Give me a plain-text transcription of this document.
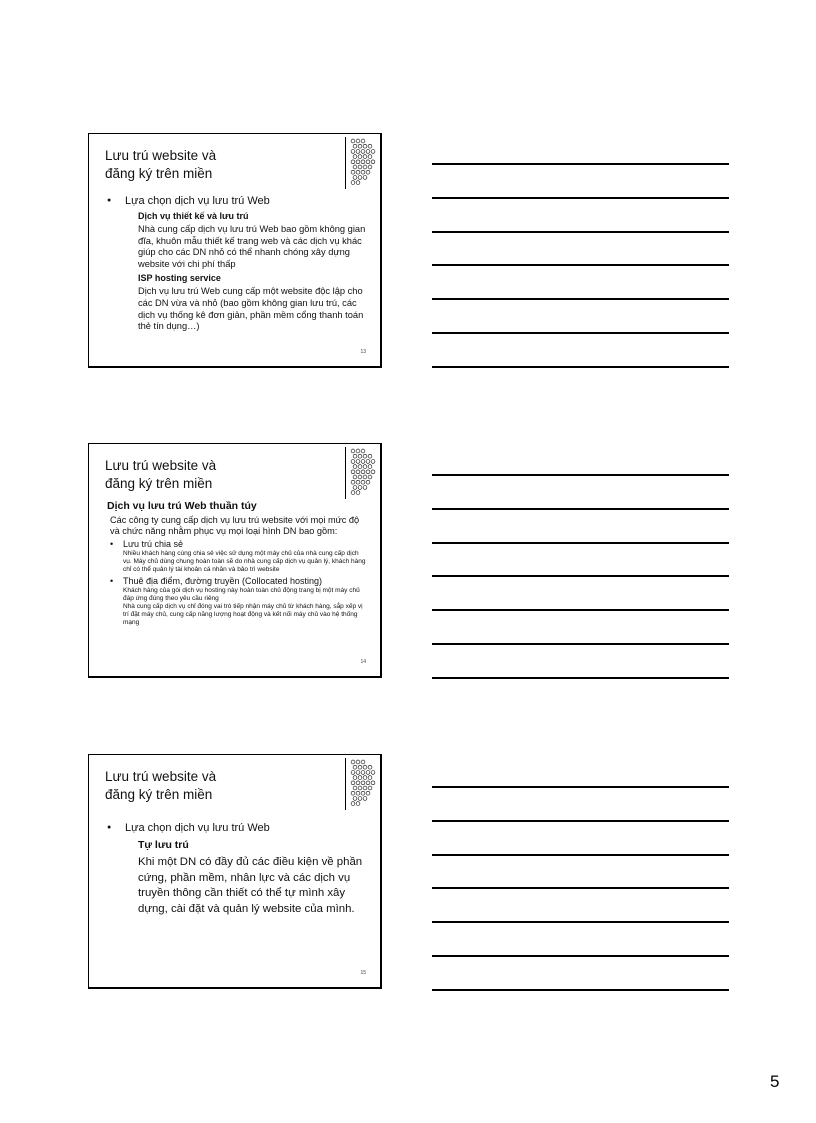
Lưu trú website và
đăng ký trên miền
● Lựa chọn dịch vụ lưu trú Web
Dịch vụ thiết kế và lưu trú
Nhà cung cấp dịch vụ lưu trú Web bao gồm không gian đĩa, khuôn mẫu thiết kế trang web và các dịch vụ khác giúp cho các DN nhỏ có thể nhanh chóng xây dựng website với chi phí thấp
ISP hosting service
Dịch vụ lưu trú Web cung cấp một website độc lập cho các DN vừa và nhỏ (bao gồm không gian lưu trú, các dịch vụ thống kê đơn giản, phần mềm cổng thanh toán thẻ tín dụng…)
13
Lưu trú website và
đăng ký trên miền
Dịch vụ lưu trú Web thuần túy
Các công ty cung cấp dịch vụ lưu trú website với mọi mức độ và chức năng nhằm phục vụ mọi loại hình DN bao gồm:
• Lưu trú chia sẻ
Nhiều khách hàng cùng chia sẻ việc sử dụng một máy chủ của nhà cung cấp dịch vụ. Máy chủ dùng chung hoàn toàn sẽ do nhà cung cấp dịch vụ quản lý, khách hàng chỉ có thể quản lý tài khoản cá nhân và bảo trì website
• Thuê địa điểm, đường truyền (Collocated hosting)
Khách hàng của gói dịch vụ hosting này hoàn toàn chủ động trang bị một máy chủ đáp ứng đúng theo yêu cầu riêng
Nhà cung cấp dịch vụ chỉ đóng vai trò tiếp nhận máy chủ từ khách hàng, sắp xếp vị trí đặt máy chủ, cung cấp năng lượng hoạt động và kết nối máy chủ vào hệ thống mạng
14
Lưu trú website và
đăng ký trên miền
● Lựa chọn dịch vụ lưu trú Web
Tự lưu trú
Khi một DN có đầy đủ các điều kiện về phần cứng, phần mềm, nhân lực và các dịch vụ truyền thông cần thiết có thể tự mình xây dựng, cài đặt và quản lý website của mình.
15
5
